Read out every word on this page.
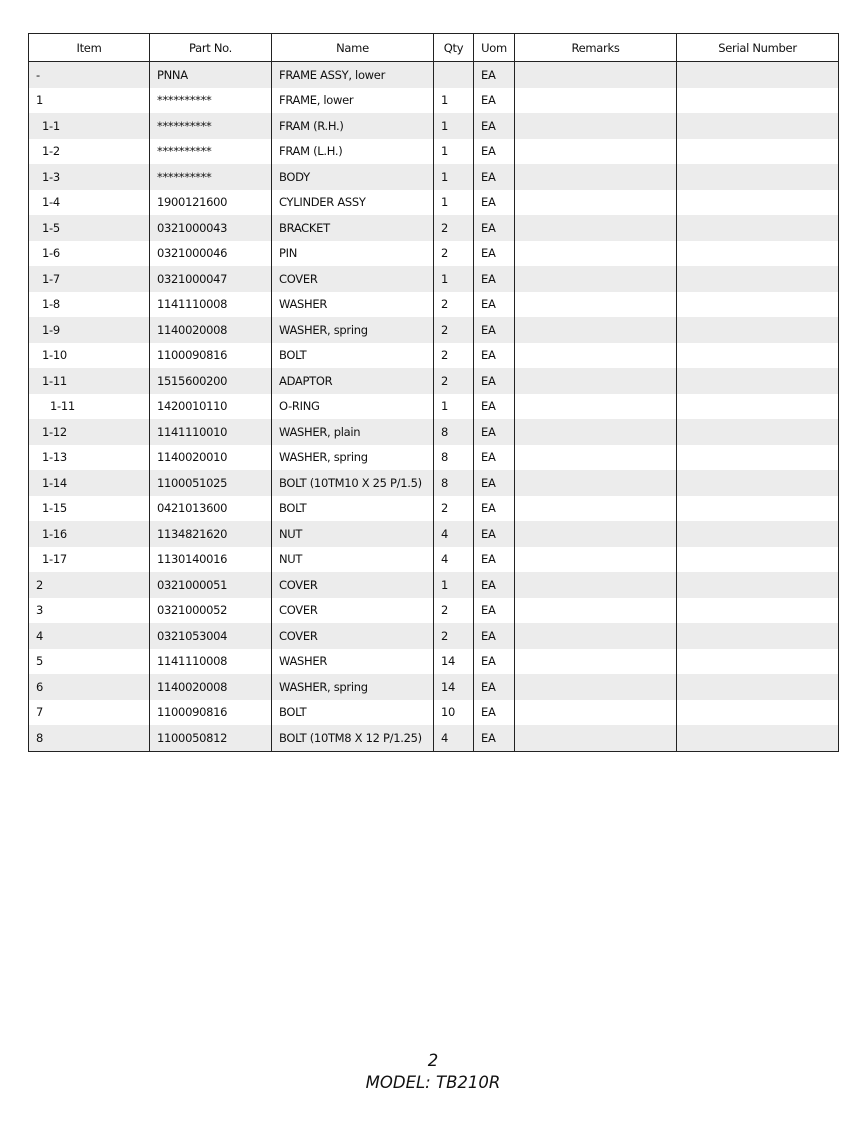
Item	Part No.	Name	Qty	Uom	Remarks	Serial Number
-	PNNA	FRAME ASSY, lower		EA		
1	**********	FRAME, lower	1	EA		
1-1	**********	FRAM (R.H.)	1	EA		
1-2	**********	FRAM (L.H.)	1	EA		
1-3	**********	BODY	1	EA		
1-4	1900121600	CYLINDER ASSY	1	EA		
1-5	0321000043	BRACKET	2	EA		
1-6	0321000046	PIN	2	EA		
1-7	0321000047	COVER	1	EA		
1-8	1141110008	WASHER	2	EA		
1-9	1140020008	WASHER, spring	2	EA		
1-10	1100090816	BOLT	2	EA		
1-11	1515600200	ADAPTOR	2	EA		
1-11	1420010110	O-RING	1	EA		
1-12	1141110010	WASHER, plain	8	EA		
1-13	1140020010	WASHER, spring	8	EA		
1-14	1100051025	BOLT (10TM10 X 25 P/1.5)	8	EA		
1-15	0421013600	BOLT	2	EA		
1-16	1134821620	NUT	4	EA		
1-17	1130140016	NUT	4	EA		
2	0321000051	COVER	1	EA		
3	0321000052	COVER	2	EA		
4	0321053004	COVER	2	EA		
5	1141110008	WASHER	14	EA		
6	1140020008	WASHER, spring	14	EA		
7	1100090816	BOLT	10	EA		
8	1100050812	BOLT (10TM8 X 12 P/1.25)	4	EA		
2
MODEL: TB210R
